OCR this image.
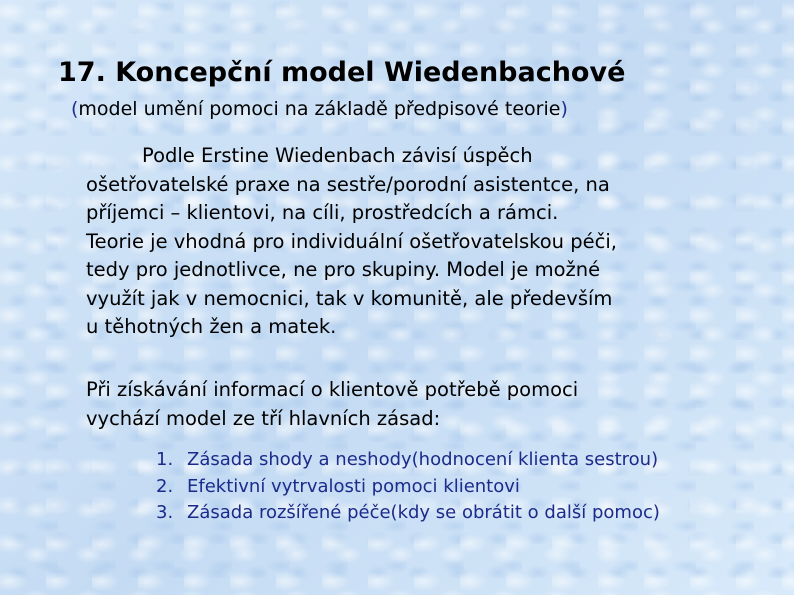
17. Koncepční model Wiedenbachové
(model umění pomoci na základě předpisové teorie)
Podle Erstine Wiedenbach závisí úspěch
ošetřovatelské praxe na sestře/porodní asistentce, na
příjemci – klientovi, na cíli, prostředcích a rámci.
Teorie je vhodná pro individuální ošetřovatelskou péči,
tedy pro jednotlivce, ne pro skupiny. Model je možné
využít jak v nemocnici, tak v komunitě, ale především
u těhotných žen a matek.
Při získávání informací o klientově potřebě pomoci
vychází model ze tří hlavních zásad:
1. Zásada shody a neshody(hodnocení klienta sestrou)
2. Efektivní vytrvalosti pomoci klientovi
3. Zásada rozšířené péče(kdy se obrátit o další pomoc)
